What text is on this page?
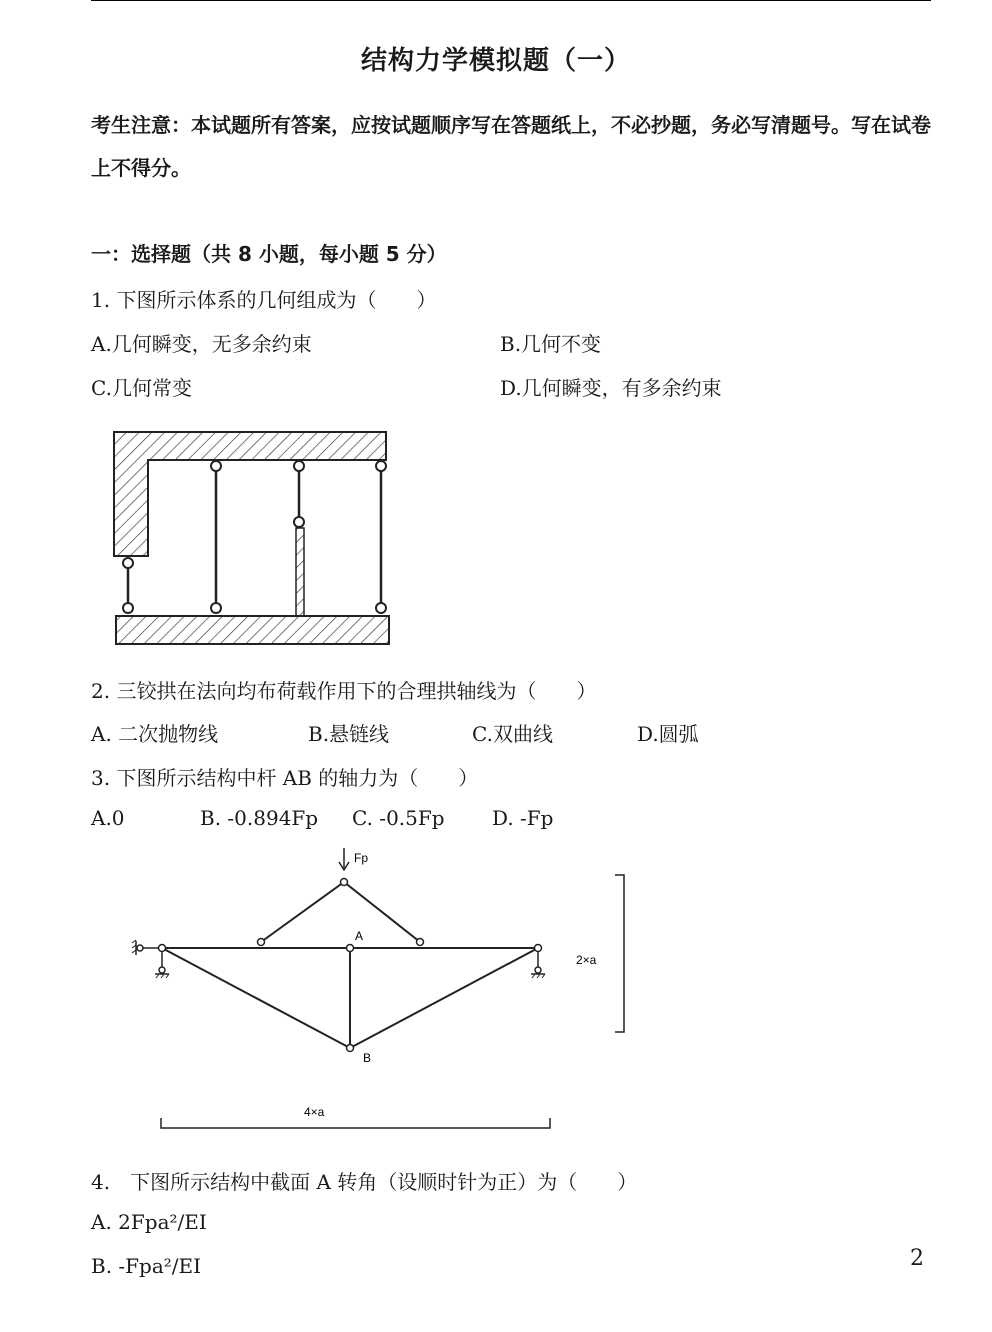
结构力学模拟题（一）
考生注意：本试题所有答案，应按试题顺序写在答题纸上，不必抄题，务必写清题号。写在试卷上不得分。
一：选择题（共 8 小题，每小题 5 分）
1. 下图所示体系的几何组成为（　　）
A.几何瞬变，无多余约束	B.几何不变
C.几何常变	D.几何瞬变，有多余约束
2. 三铰拱在法向均布荷载作用下的合理拱轴线为（　　）
A. 二次抛物线	B.悬链线	C.双曲线	D.圆弧
3. 下图所示结构中杆 AB 的轴力为（　　）
A.0	B. -0.894Fp C. -0.5Fp D. -Fp
Fp
A
B
2×a
4×a
4.　下图所示结构中截面 A 转角（设顺时针为正）为（　　）
A. 2Fpa²/EI
B. -Fpa²/EI	2
